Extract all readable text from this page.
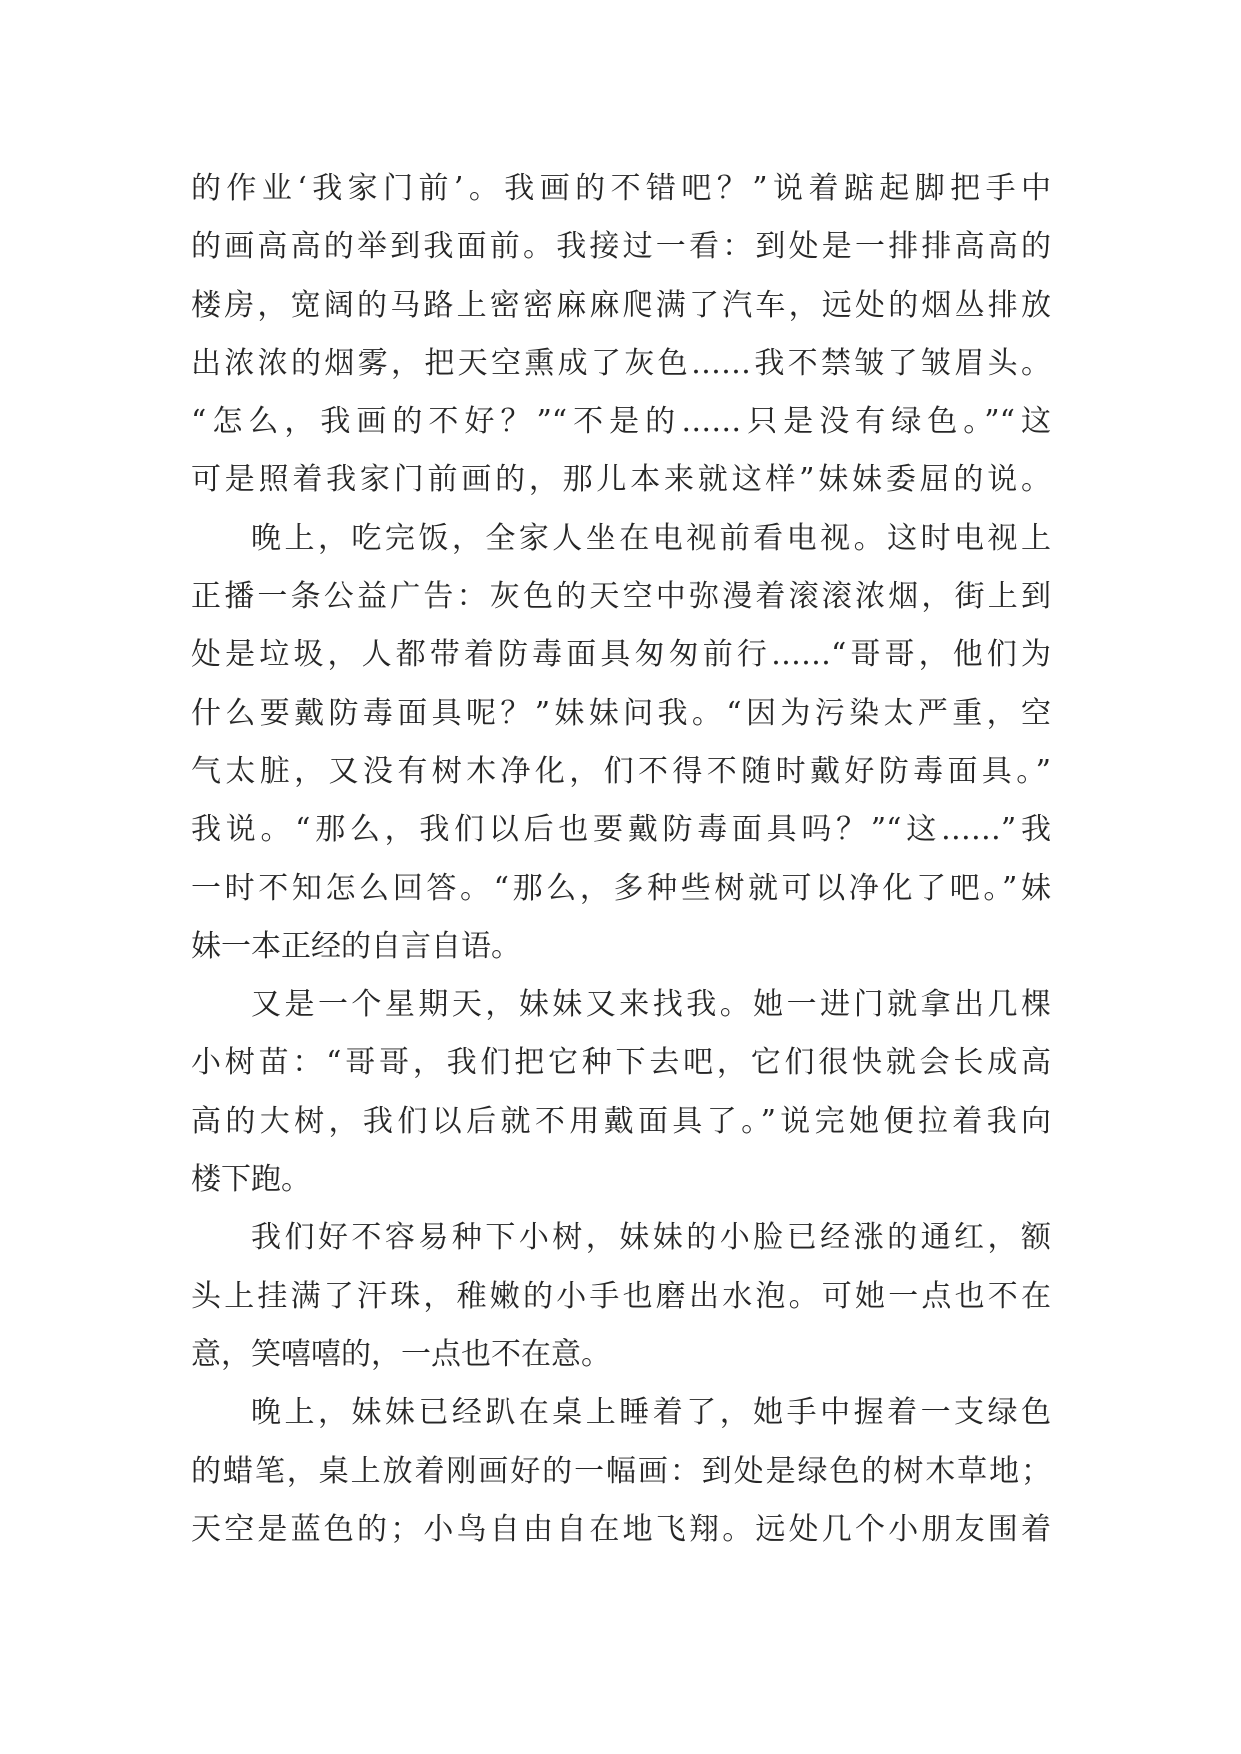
的作业‘我家门前’。我画的不错吧？”说着踮起脚把手中
的画高高的举到我面前。我接过一看：到处是一排排高高的
楼房，宽阔的马路上密密麻麻爬满了汽车，远处的烟丛排放
出浓浓的烟雾，把天空熏成了灰色……我不禁皱了皱眉头。
“怎么，我画的不好？”“不是的……只是没有绿色。”“这
可是照着我家门前画的，那儿本来就这样”妹妹委屈的说。

晚上，吃完饭，全家人坐在电视前看电视。这时电视上
正播一条公益广告：灰色的天空中弥漫着滚滚浓烟，街上到
处是垃圾，人都带着防毒面具匆匆前行……“哥哥，他们为
什么要戴防毒面具呢？”妹妹问我。“因为污染太严重，空
气太脏，又没有树木净化，们不得不随时戴好防毒面具。”
我说。“那么，我们以后也要戴防毒面具吗？”“这……”我
一时不知怎么回答。“那么，多种些树就可以净化了吧。”妹
妹一本正经的自言自语。

又是一个星期天，妹妹又来找我。她一进门就拿出几棵
小树苗：“哥哥，我们把它种下去吧，它们很快就会长成高
高的大树，我们以后就不用戴面具了。”说完她便拉着我向
楼下跑。

我们好不容易种下小树，妹妹的小脸已经涨的通红，额
头上挂满了汗珠，稚嫩的小手也磨出水泡。可她一点也不在
意，笑嘻嘻的，一点也不在意。

晚上，妹妹已经趴在桌上睡着了，她手中握着一支绿色
的蜡笔，桌上放着刚画好的一幅画：到处是绿色的树木草地；
天空是蓝色的；小鸟自由自在地飞翔。远处几个小朋友围着
